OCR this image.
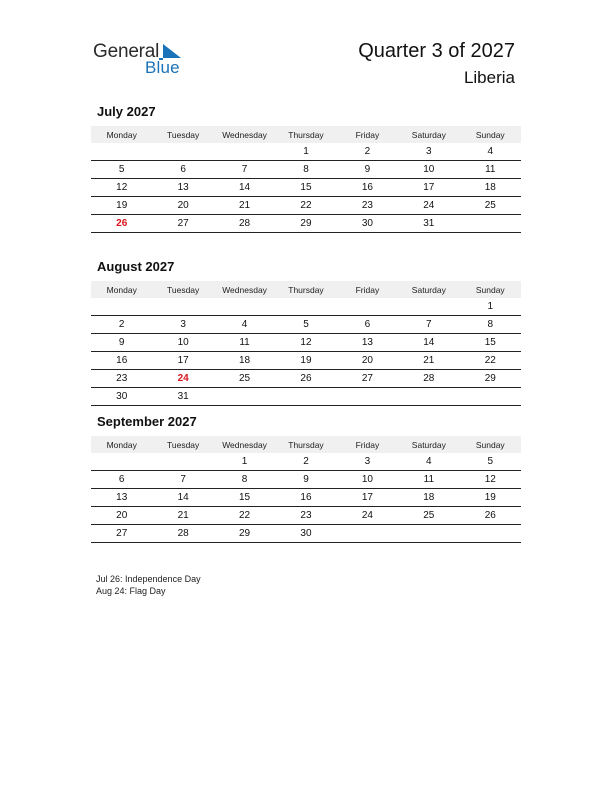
General
Blue
Quarter 3 of 2027
Liberia
July 2027
Monday	Tuesday	Wednesday	Thursday	Friday	Saturday	Sunday
			1	2	3	4
5	6	7	8	9	10	11
12	13	14	15	16	17	18
19	20	21	22	23	24	25
26	27	28	29	30	31	
August 2027
Monday	Tuesday	Wednesday	Thursday	Friday	Saturday	Sunday
						1
2	3	4	5	6	7	8
9	10	11	12	13	14	15
16	17	18	19	20	21	22
23	24	25	26	27	28	29
30	31					
September 2027
Monday	Tuesday	Wednesday	Thursday	Friday	Saturday	Sunday
		1	2	3	4	5
6	7	8	9	10	11	12
13	14	15	16	17	18	19
20	21	22	23	24	25	26
27	28	29	30			
Jul 26: Independence Day
Aug 24: Flag Day
